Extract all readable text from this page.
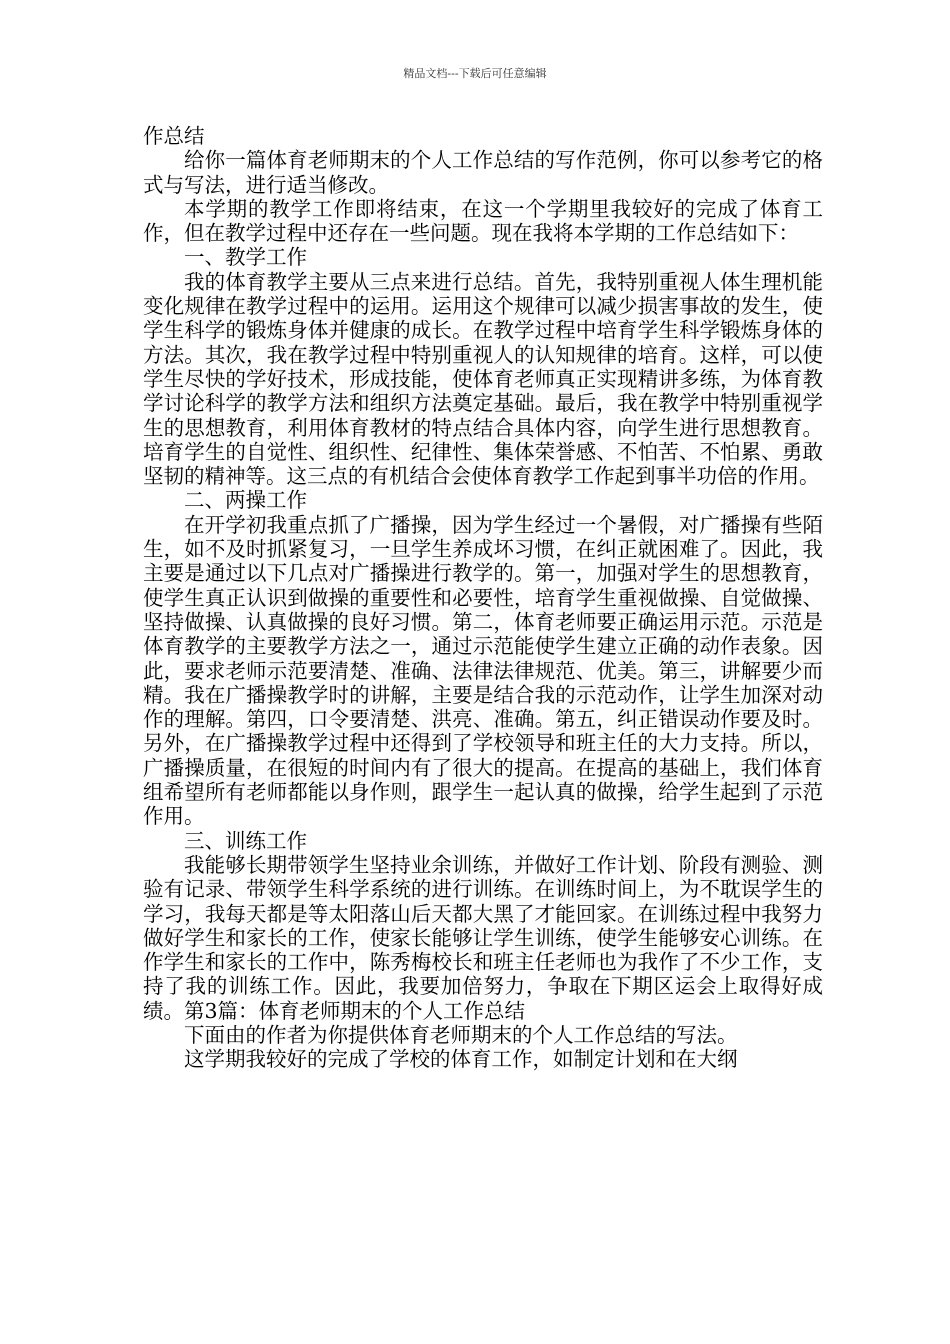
精品文档---下载后可任意编辑

作总结

给你一篇体育老师期末的个人工作总结的写作范例，你可以参考它的格式与写法，进行适当修改。

本学期的教学工作即将结束，在这一个学期里我较好的完成了体育工作，但在教学过程中还存在一些问题。现在我将本学期的工作总结如下：

一、教学工作

我的体育教学主要从三点来进行总结。首先，我特别重视人体生理机能变化规律在教学过程中的运用。运用这个规律可以减少损害事故的发生，使学生科学的锻炼身体并健康的成长。在教学过程中培育学生科学锻炼身体的方法。其次，我在教学过程中特别重视人的认知规律的培育。这样，可以使学生尽快的学好技术，形成技能，使体育老师真正实现精讲多练，为体育教学讨论科学的教学方法和组织方法奠定基础。最后，我在教学中特别重视学生的思想教育，利用体育教材的特点结合具体内容，向学生进行思想教育。培育学生的自觉性、组织性、纪律性、集体荣誉感、不怕苦、不怕累、勇敢坚韧的精神等。这三点的有机结合会使体育教学工作起到事半功倍的作用。

二、两操工作

在开学初我重点抓了广播操，因为学生经过一个暑假，对广播操有些陌生，如不及时抓紧复习，一旦学生养成坏习惯，在纠正就困难了。因此，我主要是通过以下几点对广播操进行教学的。第一，加强对学生的思想教育，使学生真正认识到做操的重要性和必要性，培育学生重视做操、自觉做操、坚持做操、认真做操的良好习惯。第二，体育老师要正确运用示范。示范是体育教学的主要教学方法之一，通过示范能使学生建立正确的动作表象。因此，要求老师示范要清楚、准确、法律法律规范、优美。第三，讲解要少而精。我在广播操教学时的讲解，主要是结合我的示范动作，让学生加深对动作的理解。第四，口令要清楚、洪亮、准确。第五，纠正错误动作要及时。另外，在广播操教学过程中还得到了学校领导和班主任的大力支持。所以，广播操质量，在很短的时间内有了很大的提高。在提高的基础上，我们体育组希望所有老师都能以身作则，跟学生一起认真的做操，给学生起到了示范作用。

三、训练工作

我能够长期带领学生坚持业余训练，并做好工作计划、阶段有测验、测验有记录、带领学生科学系统的进行训练。在训练时间上，为不耽误学生的学习，我每天都是等太阳落山后天都大黑了才能回家。在训练过程中我努力做好学生和家长的工作，使家长能够让学生训练，使学生能够安心训练。在作学生和家长的工作中，陈秀梅校长和班主任老师也为我作了不少工作，支持了我的训练工作。因此，我要加倍努力，争取在下期区运会上取得好成绩。第3篇：体育老师期末的个人工作总结

下面由的作者为你提供体育老师期末的个人工作总结的写法。

这学期我较好的完成了学校的体育工作，如制定计划和在大纲
